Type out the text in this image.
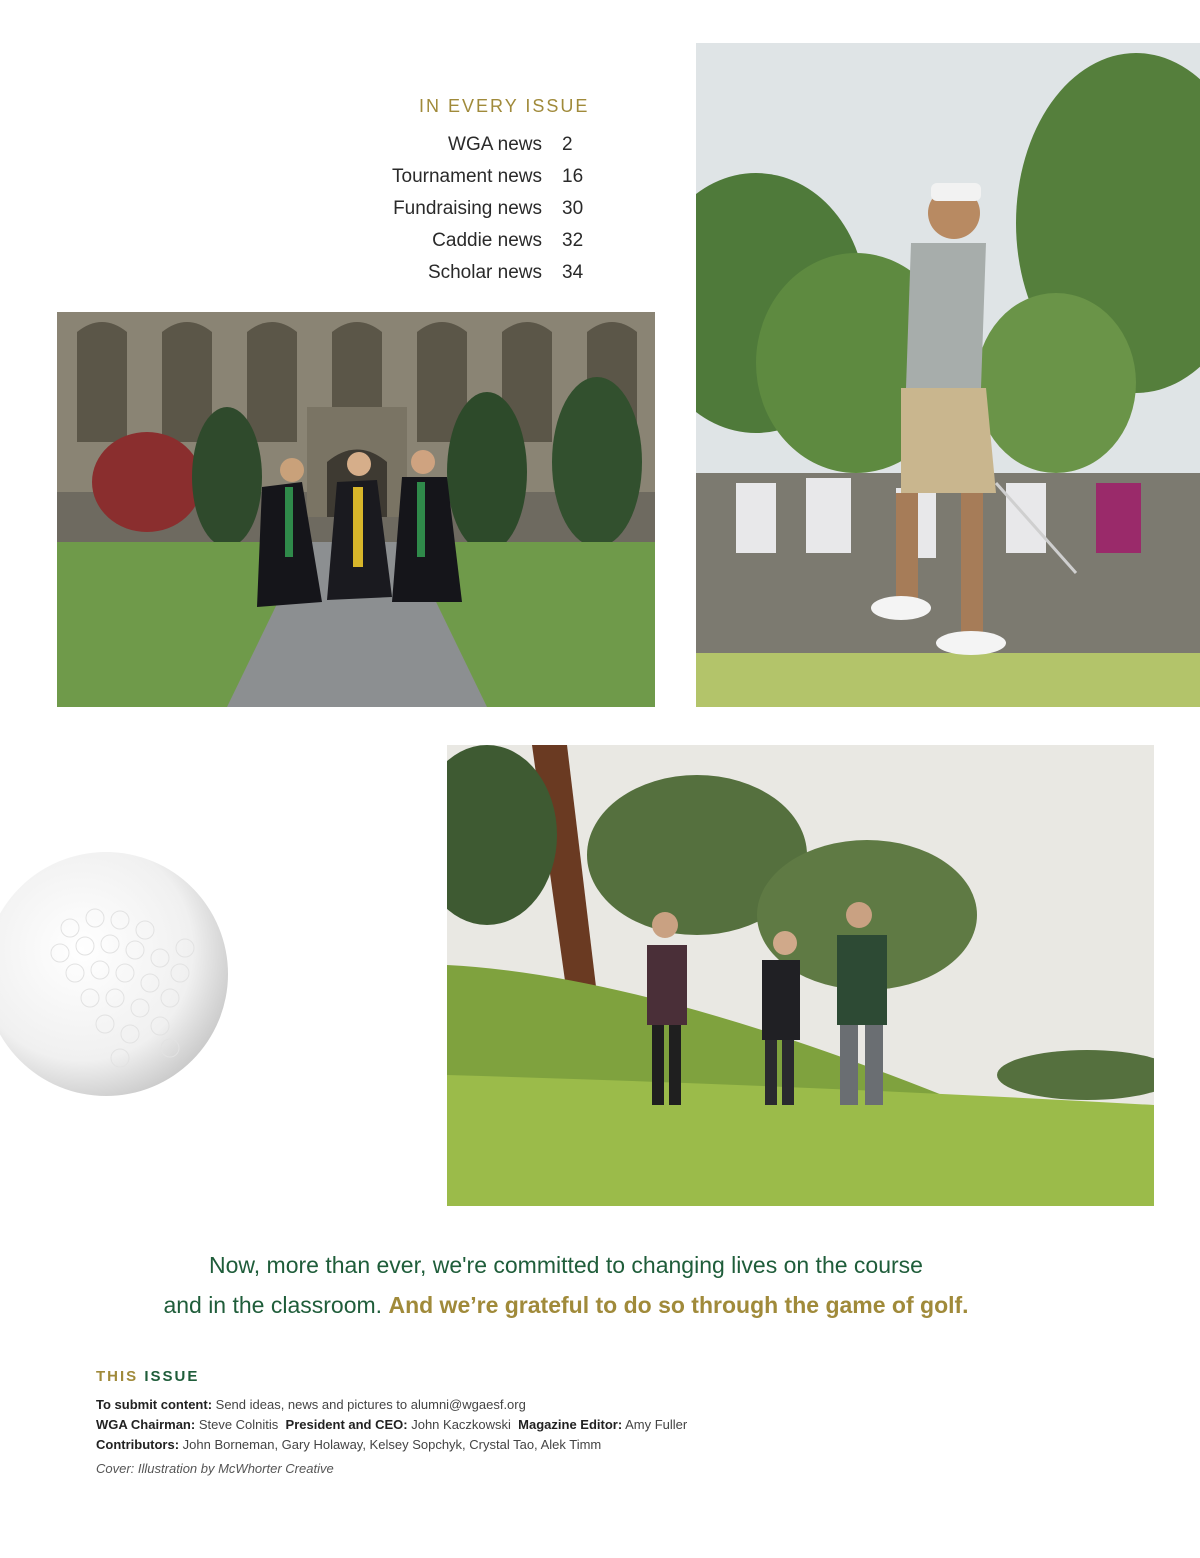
IN EVERY ISSUE
WGA news 2
Tournament news 16
Fundraising news 30
Caddie news 32
Scholar news 34
Now, more than ever, we're committed to changing lives on the course
and in the classroom. And we’re grateful to do so through the game of golf.
THIS ISSUE
To submit content: Send ideas, news and pictures to alumni@wgaesf.org
WGA Chairman: Steve Colnitis President and CEO: John Kaczkowski Magazine Editor: Amy Fuller
Contributors: John Borneman, Gary Holaway, Kelsey Sopchyk, Crystal Tao, Alek Timm
Cover: Illustration by McWhorter Creative
